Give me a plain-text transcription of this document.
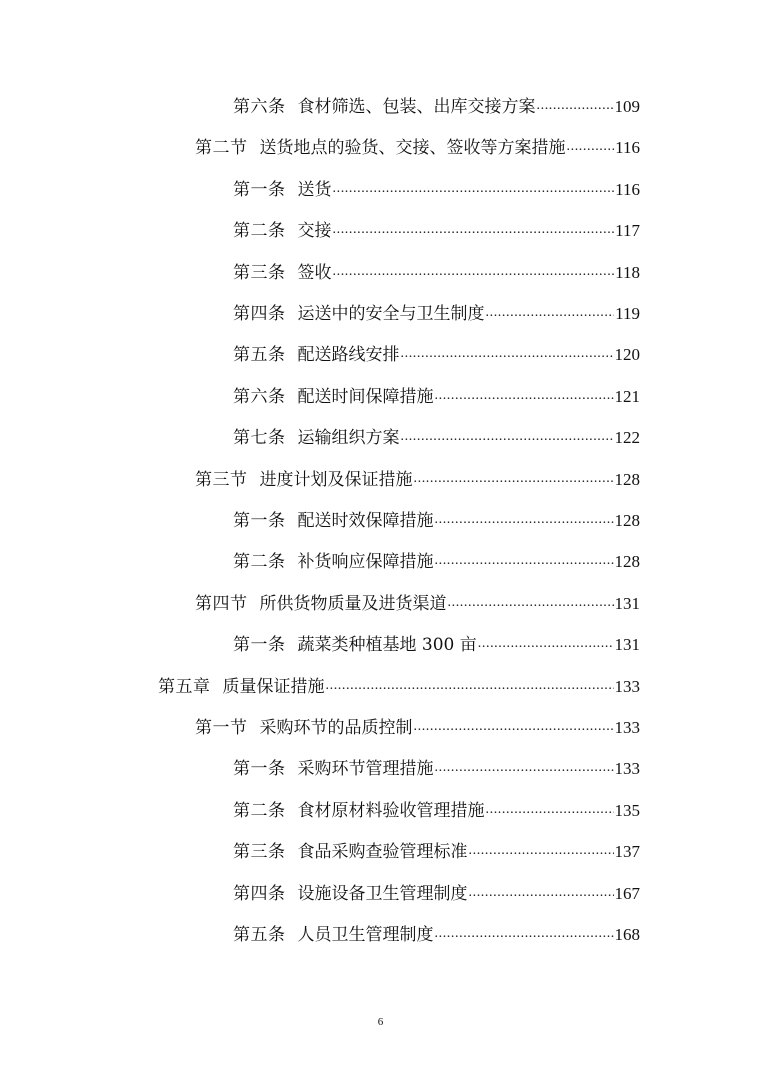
第六条 食材筛选、包装、出库交接方案 .....	109
第二节 送货地点的验货、交接、签收等方案措施 .....	116
第一条 送货 .....	116
第二条 交接 .....	117
第三条 签收 .....	118
第四条 运送中的安全与卫生制度 .....	119
第五条 配送路线安排 .....	120
第六条 配送时间保障措施 .....	121
第七条 运输组织方案 .....	122
第三节 进度计划及保证措施 .....	128
第一条 配送时效保障措施 .....	128
第二条 补货响应保障措施 .....	128
第四节 所供货物质量及进货渠道 .....	131
第一条 蔬菜类种植基地 300 亩 .....	131
第五章 质量保证措施 .....	133
第一节 采购环节的品质控制 .....	133
第一条 采购环节管理措施 .....	133
第二条 食材原材料验收管理措施 .....	135
第三条 食品采购查验管理标准 .....	137
第四条 设施设备卫生管理制度 .....	167
第五条 人员卫生管理制度 .....	168
6
